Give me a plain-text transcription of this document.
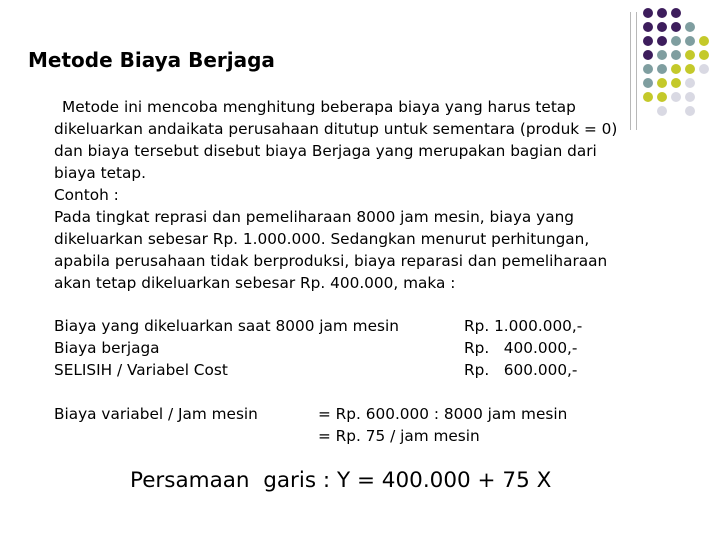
Metode Biaya Berjaga
Metode ini mencoba menghitung beberapa biaya yang harus tetap
dikeluarkan andaikata perusahaan ditutup untuk sementara (produk = 0)
dan biaya tersebut disebut biaya Berjaga yang merupakan bagian dari
biaya tetap.
Contoh :
Pada tingkat reprasi dan pemeliharaan 8000 jam mesin, biaya yang
dikeluarkan sebesar Rp. 1.000.000. Sedangkan menurut perhitungan,
apabila perusahaan tidak berproduksi, biaya reparasi dan pemeliharaan
akan tetap dikeluarkan sebesar Rp. 400.000, maka :
Biaya yang dikeluarkan saat 8000 jam mesin	Rp. 1.000.000,-
Biaya berjaga	Rp.   400.000,-
SELISIH / Variabel Cost	Rp.   600.000,-
Biaya variabel / Jam mesin	= Rp. 600.000 : 8000 jam mesin
= Rp. 75 / jam mesin
Persamaan  garis : Y = 400.000 + 75 X
